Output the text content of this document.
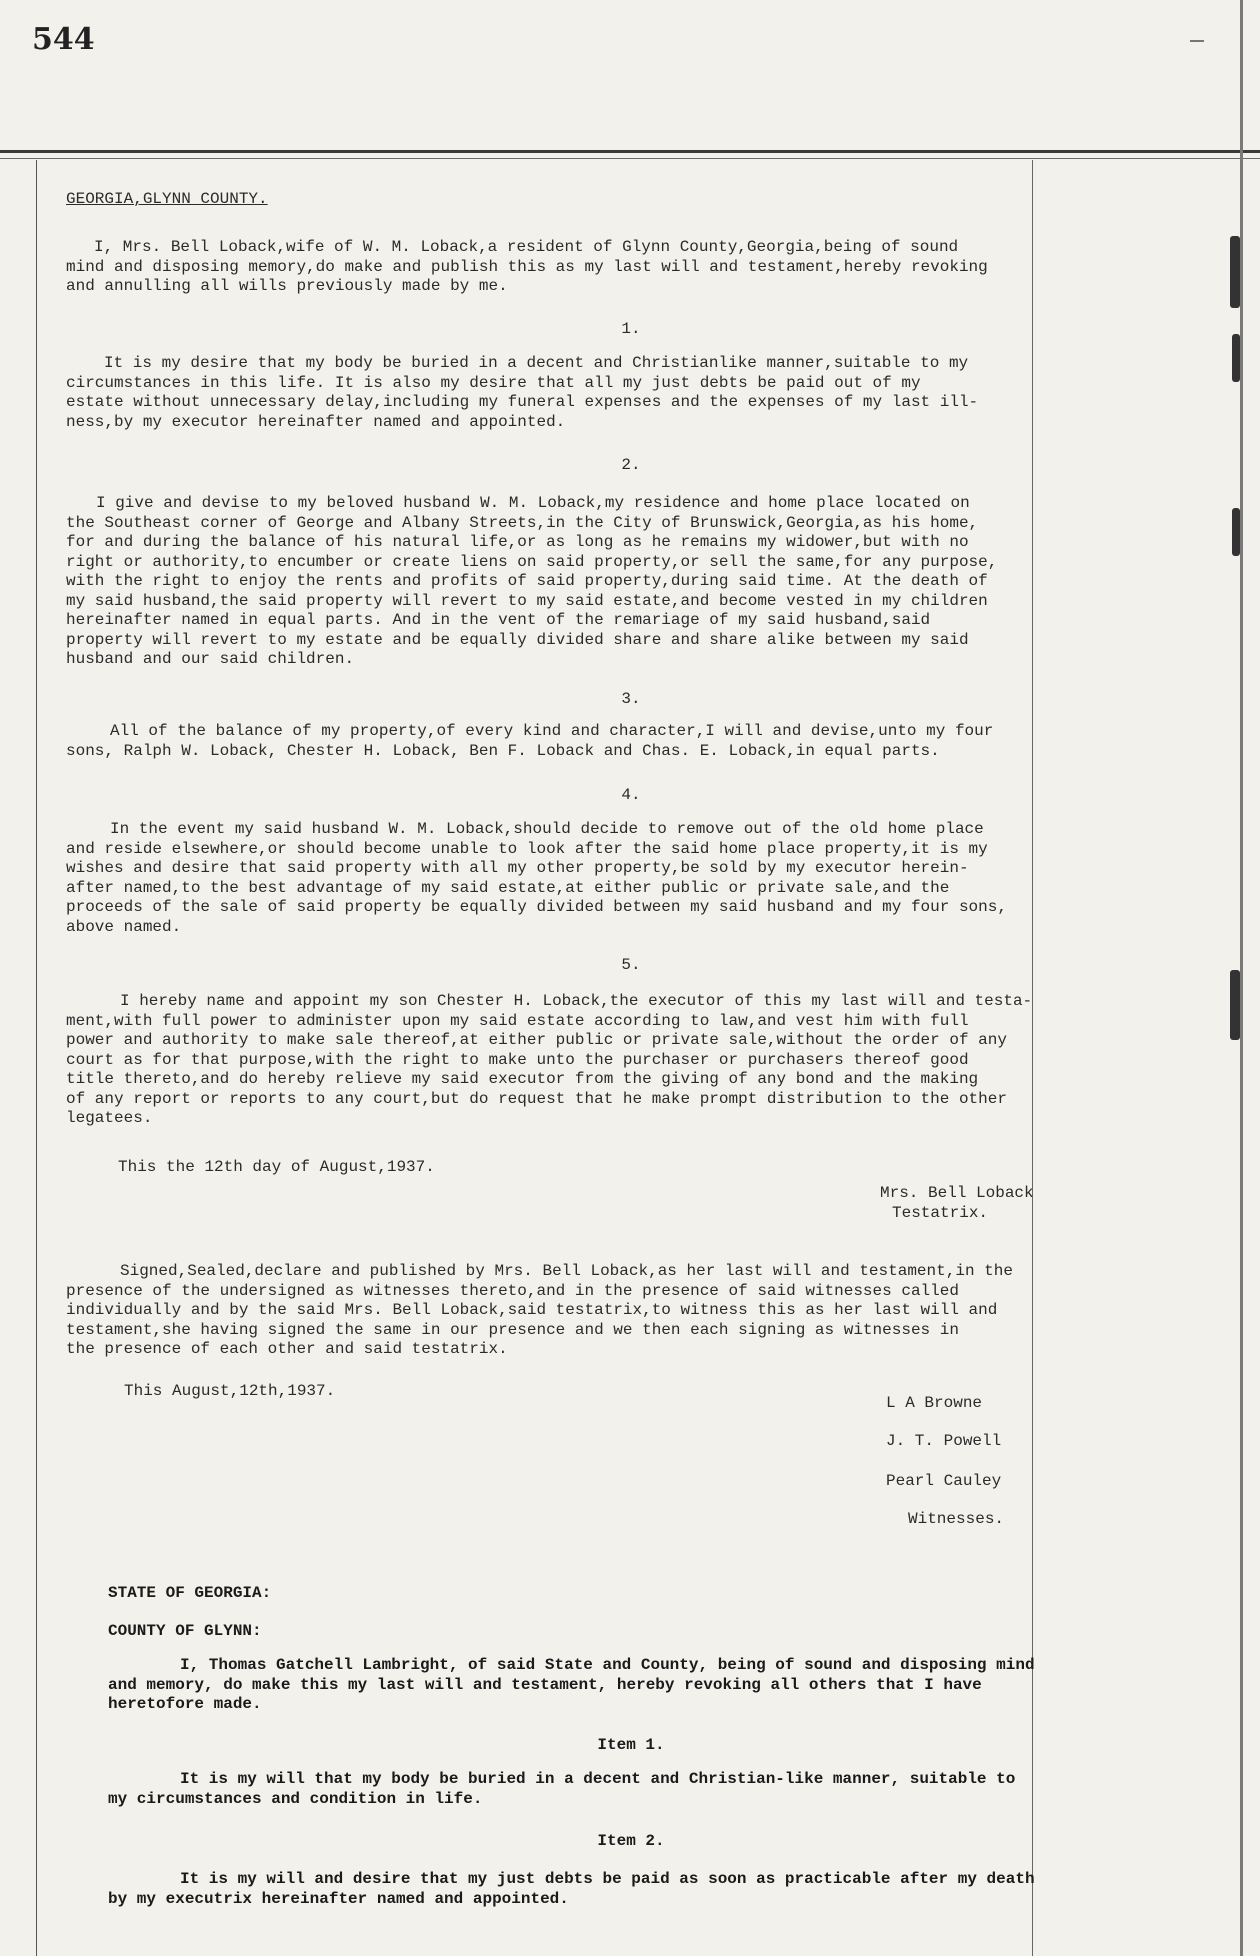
544
GEORGIA,GLYNN COUNTY.
I, Mrs. Bell Loback,wife of W. M. Loback,a resident of Glynn County,Georgia,being of sound
mind and disposing memory,do make and publish this as my last will and testament,hereby revoking
and annulling all wills previously made by me.
1.
It is my desire that my body be buried in a decent and Christianlike manner,suitable to my
circumstances in this life. It is also my desire that all my just debts be paid out of my
estate without unnecessary delay,including my funeral expenses and the expenses of my last ill-
ness,by my executor hereinafter named and appointed.
2.
I give and devise to my beloved husband W. M. Loback,my residence and home place located on
the Southeast corner of George and Albany Streets,in the City of Brunswick,Georgia,as his home,
for and during the balance of his natural life,or as long as he remains my widower,but with no
right or authority,to encumber or create liens on said property,or sell the same,for any purpose,
with the right to enjoy the rents and profits of said property,during said time. At the death of
my said husband,the said property will revert to my said estate,and become vested in my children
hereinafter named in equal parts. And in the vent of the remariage of my said husband,said
property will revert to my estate and be equally divided share and share alike between my said
husband and our said children.
3.
All of the balance of my property,of every kind and character,I will and devise,unto my four
sons, Ralph W. Loback, Chester H. Loback, Ben F. Loback and Chas. E. Loback,in equal parts.
4.
In the event my said husband W. M. Loback,should decide to remove out of the old home place
and reside elsewhere,or should become unable to look after the said home place property,it is my
wishes and desire that said property with all my other property,be sold by my executor herein-
after named,to the best advantage of my said estate,at either public or private sale,and the
proceeds of the sale of said property be equally divided between my said husband and my four sons,
above named.
5.
I hereby name and appoint my son Chester H. Loback,the executor of this my last will and testa-
ment,with full power to administer upon my said estate according to law,and vest him with full
power and authority to make sale thereof,at either public or private sale,without the order of any
court as for that purpose,with the right to make unto the purchaser or purchasers thereof good
title thereto,and do hereby relieve my said executor from the giving of any bond and the making
of any report or reports to any court,but do request that he make prompt distribution to the other
legatees.
This the 12th day of August,1937.
Mrs. Bell Loback
Testatrix.
Signed,Sealed,declare and published by Mrs. Bell Loback,as her last will and testament,in the
presence of the undersigned as witnesses thereto,and in the presence of said witnesses called
individually and by the said Mrs. Bell Loback,said testatrix,to witness this as her last will and
testament,she having signed the same in our presence and we then each signing as witnesses in
the presence of each other and said testatrix.
This August,12th,1937.
L A Browne
J. T. Powell
Pearl Cauley
Witnesses.
STATE OF GEORGIA:
COUNTY OF GLYNN:
I, Thomas Gatchell Lambright, of said State and County, being of sound and disposing mind
and memory, do make this my last will and testament, hereby revoking all others that I have
heretofore made.
Item 1.
It is my will that my body be buried in a decent and Christian-like manner, suitable to
my circumstances and condition in life.
Item 2.
It is my will and desire that my just debts be paid as soon as practicable after my death
by my executrix hereinafter named and appointed.
